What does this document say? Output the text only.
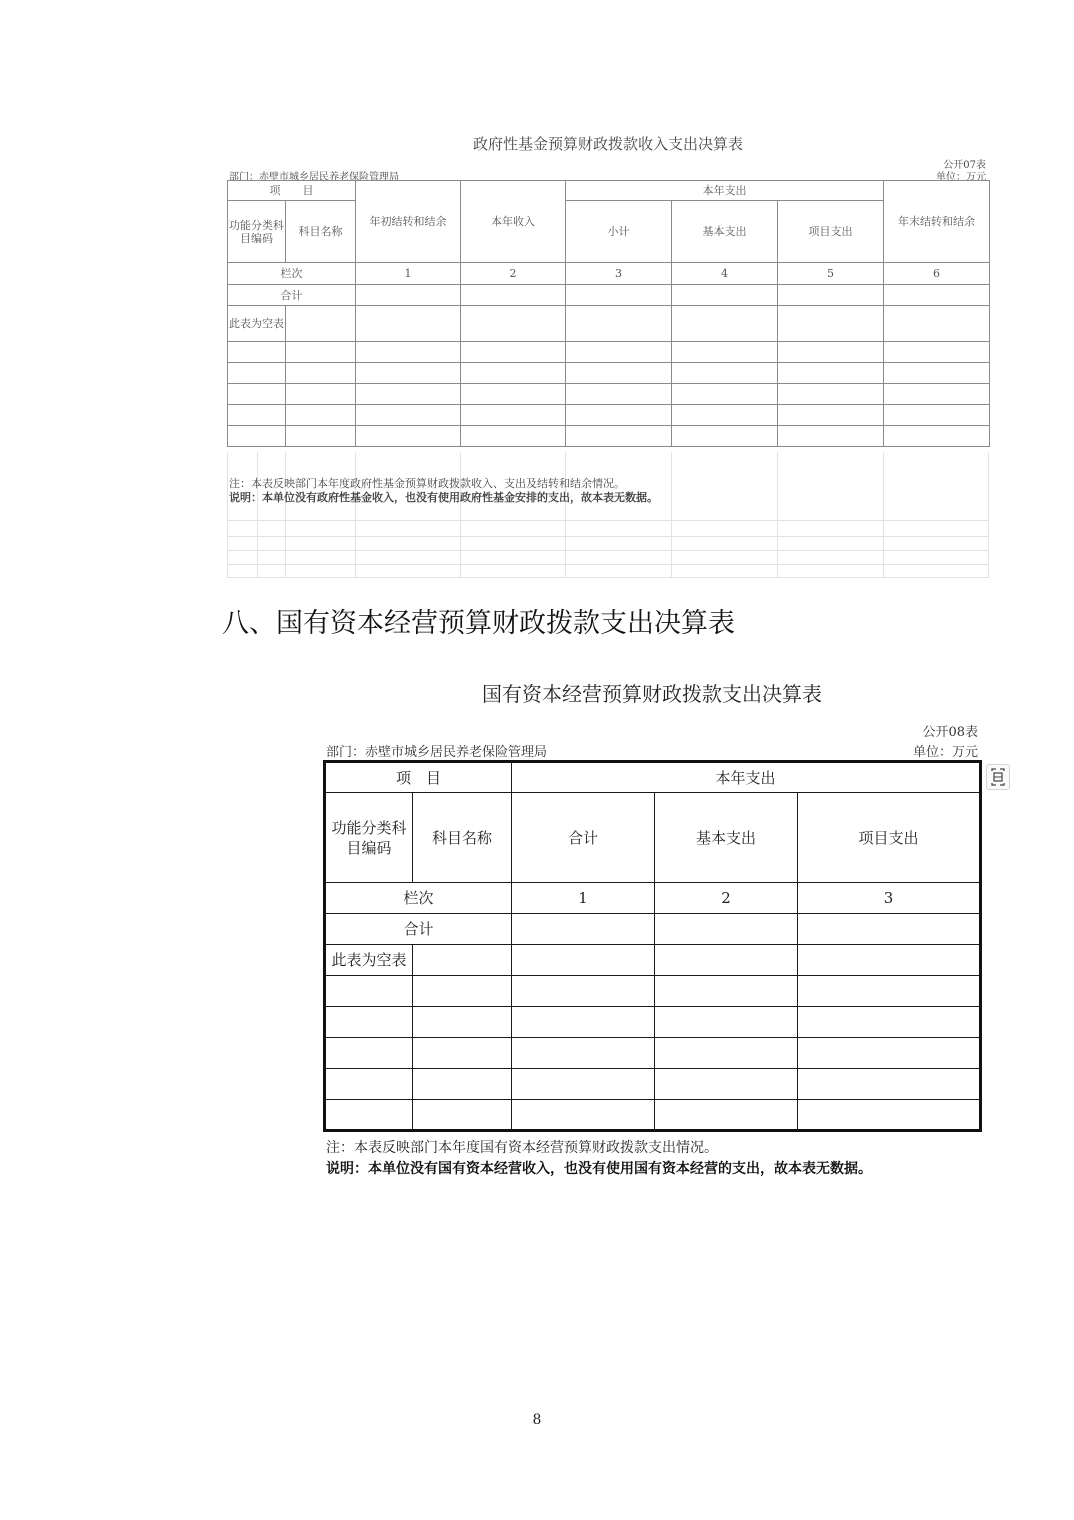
政府性基金预算财政拨款收入支出决算表
公开07表
部门：赤壁市城乡居民养老保险管理局	单位：万元
项　　目		年初结转和结余	本年收入	本年支出			年末结转和结余
功能分类科目编码	科目名称			小计	基本支出	项目支出	
栏次		1	2	3	4	5	6
合计							
此表为空表							

注：本表反映部门本年度政府性基金预算财政拨款收入、支出及结转和结余情况。
说明：本单位没有政府性基金收入，也没有使用政府性基金安排的支出，故本表无数据。
八、国有资本经营预算财政拨款支出决算表
国有资本经营预算财政拨款支出决算表
公开08表
部门：赤壁市城乡居民养老保险管理局	单位：万元
项　目		本年支出		
功能分类科目编码	科目名称	合计	基本支出	项目支出
栏次		1	2	3
合计				
此表为空表				

注：本表反映部门本年度国有资本经营预算财政拨款支出情况。
说明：本单位没有国有资本经营收入，也没有使用国有资本经营的支出，故本表无数据。
8
